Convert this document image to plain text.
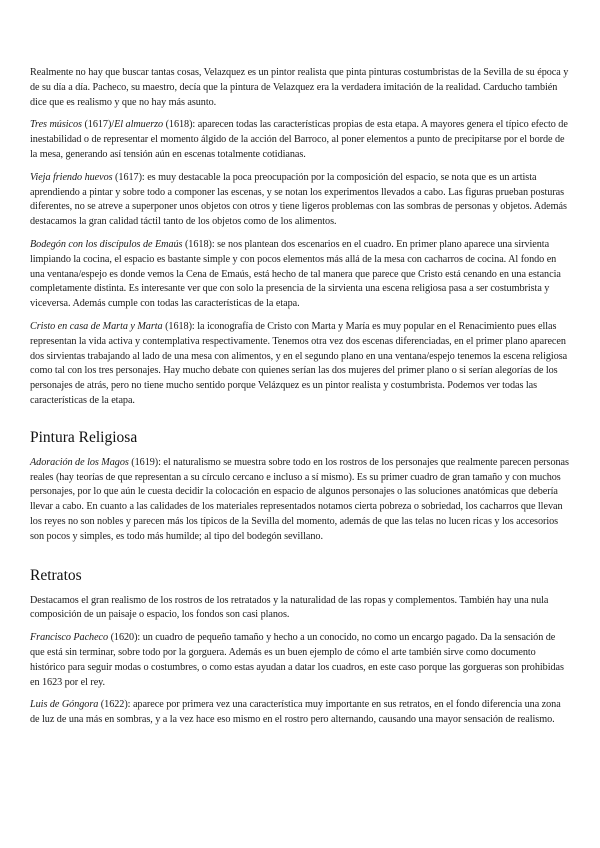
Realmente no hay que buscar tantas cosas, Velazquez es un pintor realista que pinta pinturas costumbristas de la Sevilla de su época y de su día a día. Pacheco, su maestro, decía que la pintura de Velazquez era la verdadera imitación de la realidad. Carducho también dice que es realismo y que no hay más asunto.

Tres músicos (1617)/El almuerzo (1618): aparecen todas las características propias de esta etapa. A mayores genera el típico efecto de inestabilidad o de representar el momento álgido de la acción del Barroco, al poner elementos a punto de precipitarse por el borde de la mesa, generando así tensión aún en escenas totalmente cotidianas.

Vieja friendo huevos (1617): es muy destacable la poca preocupación por la composición del espacio, se nota que es un artista aprendiendo a pintar y sobre todo a componer las escenas, y se notan los experimentos llevados a cabo. Las figuras prueban posturas diferentes, no se atreve a superponer unos objetos con otros y tiene ligeros problemas con las sombras de personas y objetos. Además destacamos la gran calidad táctil tanto de los objetos como de los alimentos.

Bodegón con los discípulos de Emaús (1618): se nos plantean dos escenarios en el cuadro. En primer plano aparece una sirvienta limpiando la cocina, el espacio es bastante simple y con pocos elementos más allá de la mesa con cacharros de cocina. Al fondo en una ventana/espejo es donde vemos la Cena de Emaús, está hecho de tal manera que parece que Cristo está cenando en una estancia completamente distinta. Es interesante ver que con solo la presencia de la sirvienta una escena religiosa pasa a ser costumbrista y viceversa. Además cumple con todas las características de la etapa.

Cristo en casa de Marta y Marta (1618): la iconografía de Cristo con Marta y María es muy popular en el Renacimiento pues ellas representan la vida activa y contemplativa respectivamente. Tenemos otra vez dos escenas diferenciadas, en el primer plano aparecen dos sirvientas trabajando al lado de una mesa con alimentos, y en el segundo plano en una ventana/espejo tenemos la escena religiosa como tal con los tres personajes. Hay mucho debate con quienes serían las dos mujeres del primer plano o si serían alegorías de los personajes de atrás, pero no tiene mucho sentido porque Velázquez es un pintor realista y costumbrista. Podemos ver todas las características de la etapa.

Pintura Religiosa

Adoración de los Magos (1619): el naturalismo se muestra sobre todo en los rostros de los personajes que realmente parecen personas reales (hay teorías de que representan a su círculo cercano e incluso a sí mismo). Es su primer cuadro de gran tamaño y con muchos personajes, por lo que aún le cuesta decidir la colocación en espacio de algunos personajes o las soluciones anatómicas que debería llevar a cabo. En cuanto a las calidades de los materiales representados notamos cierta pobreza o sobriedad, los cacharros que llevan los reyes no son nobles y parecen más los típicos de la Sevilla del momento, además de que las telas no lucen ricas y los accesorios son pocos y simples, es todo más humilde; al tipo del bodegón sevillano.

Retratos

Destacamos el gran realismo de los rostros de los retratados y la naturalidad de las ropas y complementos. También hay una nula composición de un paisaje o espacio, los fondos son casi planos.

Francisco Pacheco (1620): un cuadro de pequeño tamaño y hecho a un conocido, no como un encargo pagado. Da la sensación de que está sin terminar, sobre todo por la gorguera. Además es un buen ejemplo de cómo el arte también sirve como documento histórico para seguir modas o costumbres, o como estas ayudan a datar los cuadros, en este caso porque las gorgueras son prohibidas en 1623 por el rey.

Luis de Góngora (1622): aparece por primera vez una característica muy importante en sus retratos, en el fondo diferencia una zona de luz de una más en sombras, y a la vez hace eso mismo en el rostro pero alternando, causando una mayor sensación de realismo.
